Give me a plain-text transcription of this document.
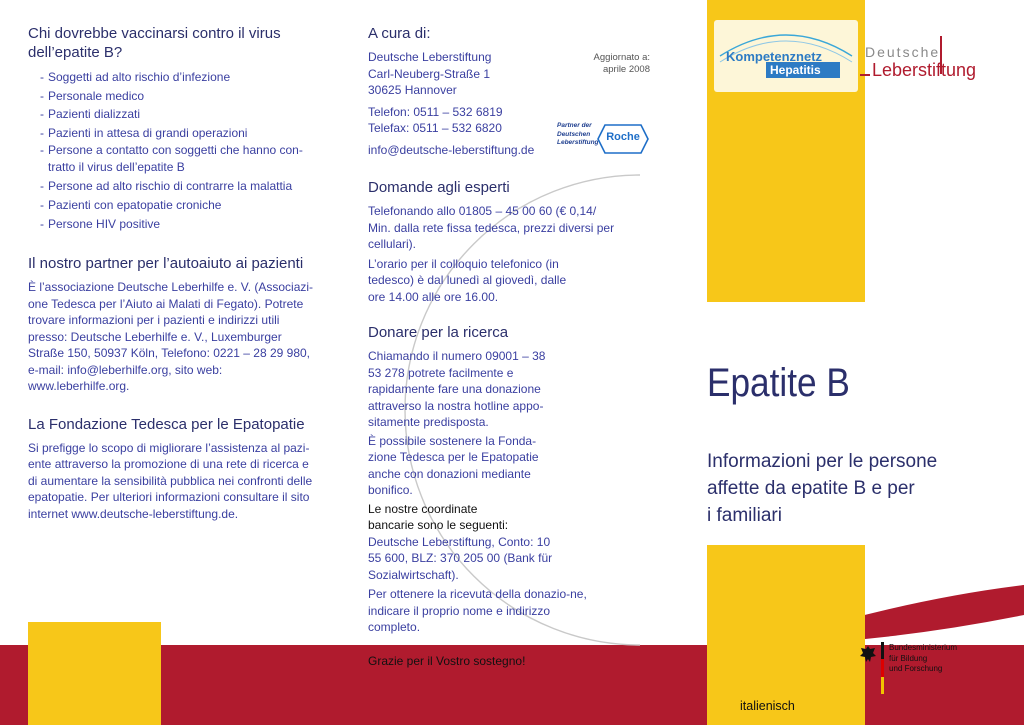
Chi dovrebbe vaccinarsi contro il virus dell’epatite B?
- Soggetti ad alto rischio d’infezione
- Personale medico
- Pazienti dializzati
- Pazienti in attesa di grandi operazioni
- Persone a contatto con soggetti che hanno con-
tratto il virus dell’epatite B
- Persone ad alto rischio di contrarre la malattia
- Pazienti con epatopatie croniche
- Persone HIV positive
Il nostro partner per l’autoaiuto ai pazienti

È l’associazione Deutsche Leberhilfe e. V. (Associazi-one Tedesca per l’Aiuto ai Malati di Fegato). Potrete trovare informazioni per i pazienti e indirizzi utili presso: Deutsche Leberhilfe e. V., Luxemburger Straße 150, 50937 Köln, Telefono: 0221 – 28 29 980, e-mail: info@leberhilfe.org, sito web: www.leberhilfe.org.

La Fondazione Tedesca per le Epatopatie

Si prefigge lo scopo di migliorare l’assistenza al pazi-ente attraverso la promozione di una rete di ricerca e di aumentare la sensibilità pubblica nei confronti delle epatopatie. Per ulteriori informazioni consultare il sito internet www.deutsche-leberstiftung.de.

A cura di:

Deutsche Leberstiftung
Carl-Neuberg-Straße 1
30625 Hannover

Telefon: 0511 – 532 6819
Telefax: 0511 – 532 6820

info@deutsche-leberstiftung.de

Domande agli esperti

Telefonando allo 01805 – 45 00 60 (€ 0,14/ Min. dalla rete fissa tedesca, prezzi diversi per cellulari).

L’orario per il colloquio telefonico (in tedesco) è dal lunedì al giovedì, dalle ore 14.00 alle ore 16.00.

Donare per la ricerca

Chiamando il numero 09001 – 38 53 278 potrete facilmente e rapidamente fare una donazione attraverso la nostra hotline appo-sitamente predisposta.

È possibile sostenere la Fonda-zione Tedesca per le Epatopatie anche con donazioni mediante bonifico.

Le nostre coordinate bancarie sono le seguenti:

Deutsche Leberstiftung, Conto: 10 55 600, BLZ: 370 205 00 (Bank für Sozialwirtschaft).

Per ottenere la ricevuta della donazio-ne, indicare il proprio nome e indirizzo completo.

Grazie per il Vostro sostegno!

Aggiornato a:
aprile 2008
Partner der
Deutschen
Leberstiftung Roche
Kompetenznetz
Hepatitis
Deutsche
Leberstiftung
Epatite B
Informazioni per le persone
affette da epatite B e per
i familiari
italienisch
Bundesministerium
für Bildung
und Forschung
